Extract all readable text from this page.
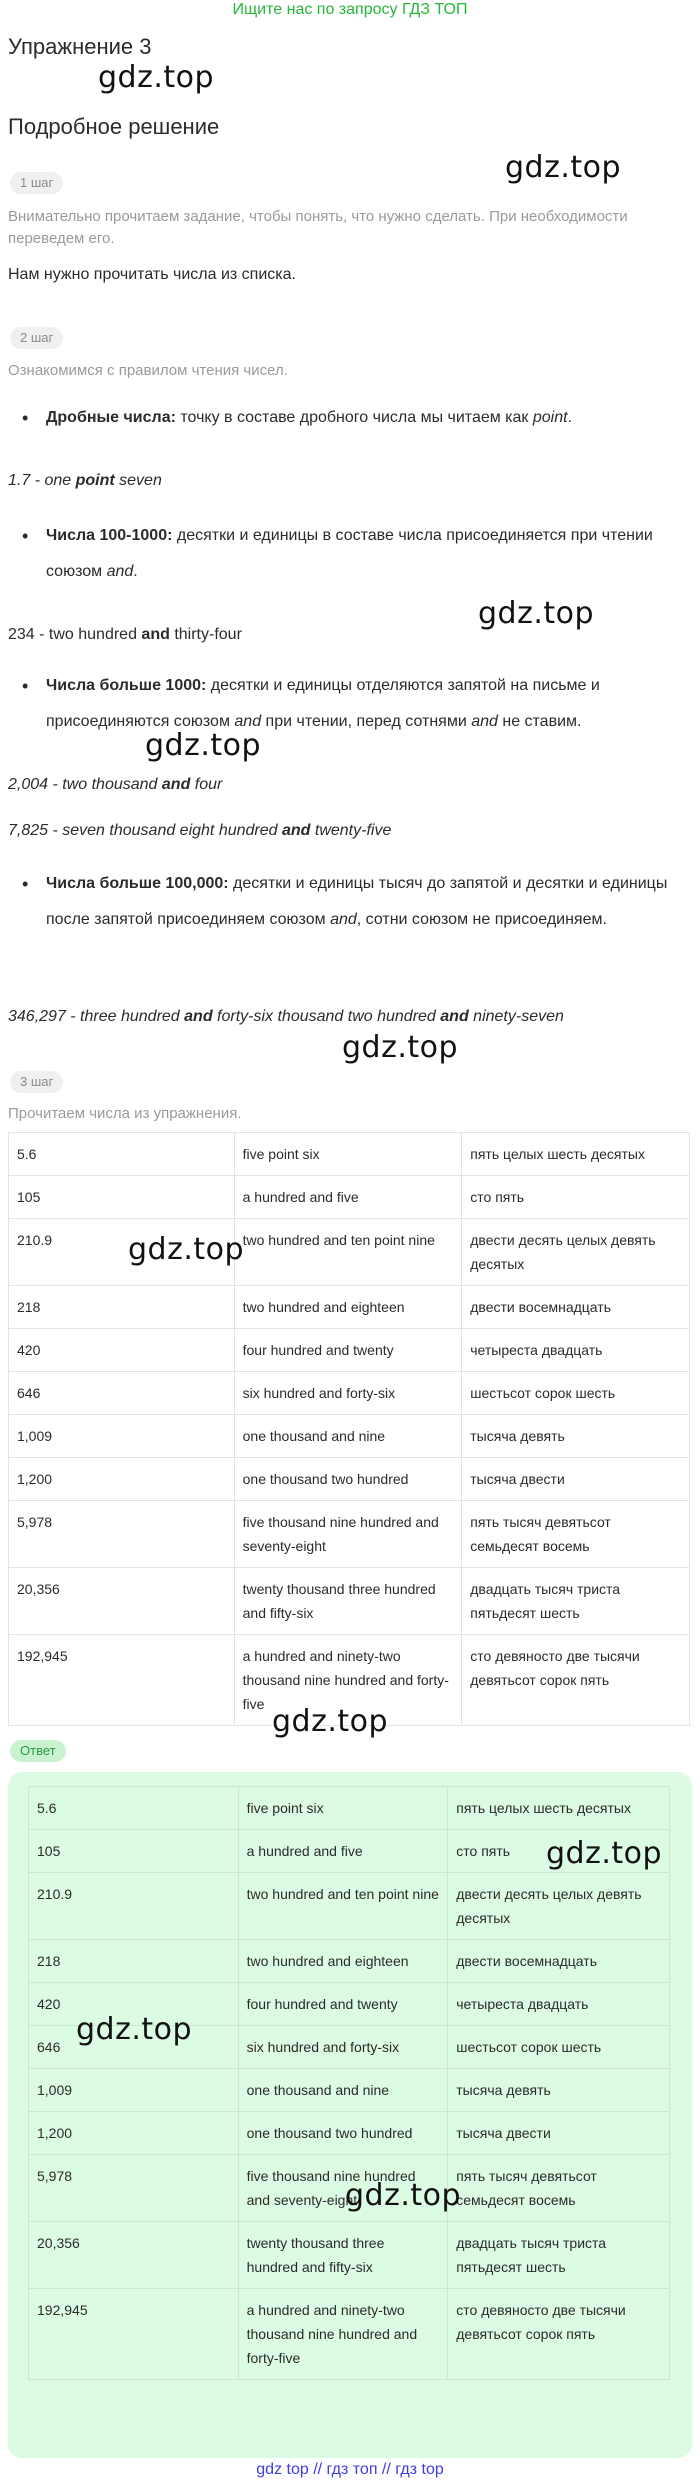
Ищите нас по запросу ГДЗ ТОП
Упражнение 3
gdz.top
Подробное решение
gdz.top
1 шаг
Внимательно прочитаем задание, чтобы понять, что нужно сделать. При необходимости переведем его.
Нам нужно прочитать числа из списка.
2 шаг
Ознакомимся с правилом чтения чисел.
• Дробные числа: точку в составе дробного числа мы читаем как point.
1.7 - one point seven
• Числа 100-1000: десятки и единицы в составе числа присоединяется при чтении союзом and.
234 - two hundred and thirty-four
gdz.top
• Числа больше 1000: десятки и единицы отделяются запятой на письме и присоединяются союзом and при чтении, перед сотнями and не ставим.
gdz.top
2,004 - two thousand and four
7,825 - seven thousand eight hundred and twenty-five
• Числа больше 100,000: десятки и единицы тысяч до запятой и десятки и единицы после запятой присоединяем союзом and, сотни союзом не присоединяем.
346,297 - three hundred and forty-six thousand two hundred and ninety-seven
gdz.top
3 шаг
Прочитаем числа из упражнения.
5.6	five point six	пять целых шесть десятых
105	a hundred and five	сто пять
210.9	two hundred and ten point nine	двести десять целых девять десятых
218	two hundred and eighteen	двести восемнадцать
420	four hundred and twenty	четыреста двадцать
646	six hundred and forty-six	шестьсот сорок шесть
1,009	one thousand and nine	тысяча девять
1,200	one thousand two hundred	тысяча двести
5,978	five thousand nine hundred and seventy-eight	пять тысяч девятьсот семьдесят восемь
20,356	twenty thousand three hundred and fifty-six	двадцать тысяч триста пятьдесят шесть
192,945	a hundred and ninety-two thousand nine hundred and forty-five	сто девяносто две тысячи девятьсот сорок пять
gdz.top
gdz.top
Ответ
5.6	five point six	пять целых шесть десятых
105	a hundred and five	сто пять
210.9	two hundred and ten point nine	двести десять целых девять десятых
218	two hundred and eighteen	двести восемнадцать
420	four hundred and twenty	четыреста двадцать
646	six hundred and forty-six	шестьсот сорок шесть
1,009	one thousand and nine	тысяча девять
1,200	one thousand two hundred	тысяча двести
5,978	five thousand nine hundred and seventy-eight	пять тысяч девятьсот семьдесят восемь
20,356	twenty thousand three hundred and fifty-six	двадцать тысяч триста пятьдесят шесть
192,945	a hundred and ninety-two thousand nine hundred and forty-five	сто девяносто две тысячи девятьсот сорок пять
gdz.top
gdz.top
gdz.top
gdz top // гдз топ // гдз top
